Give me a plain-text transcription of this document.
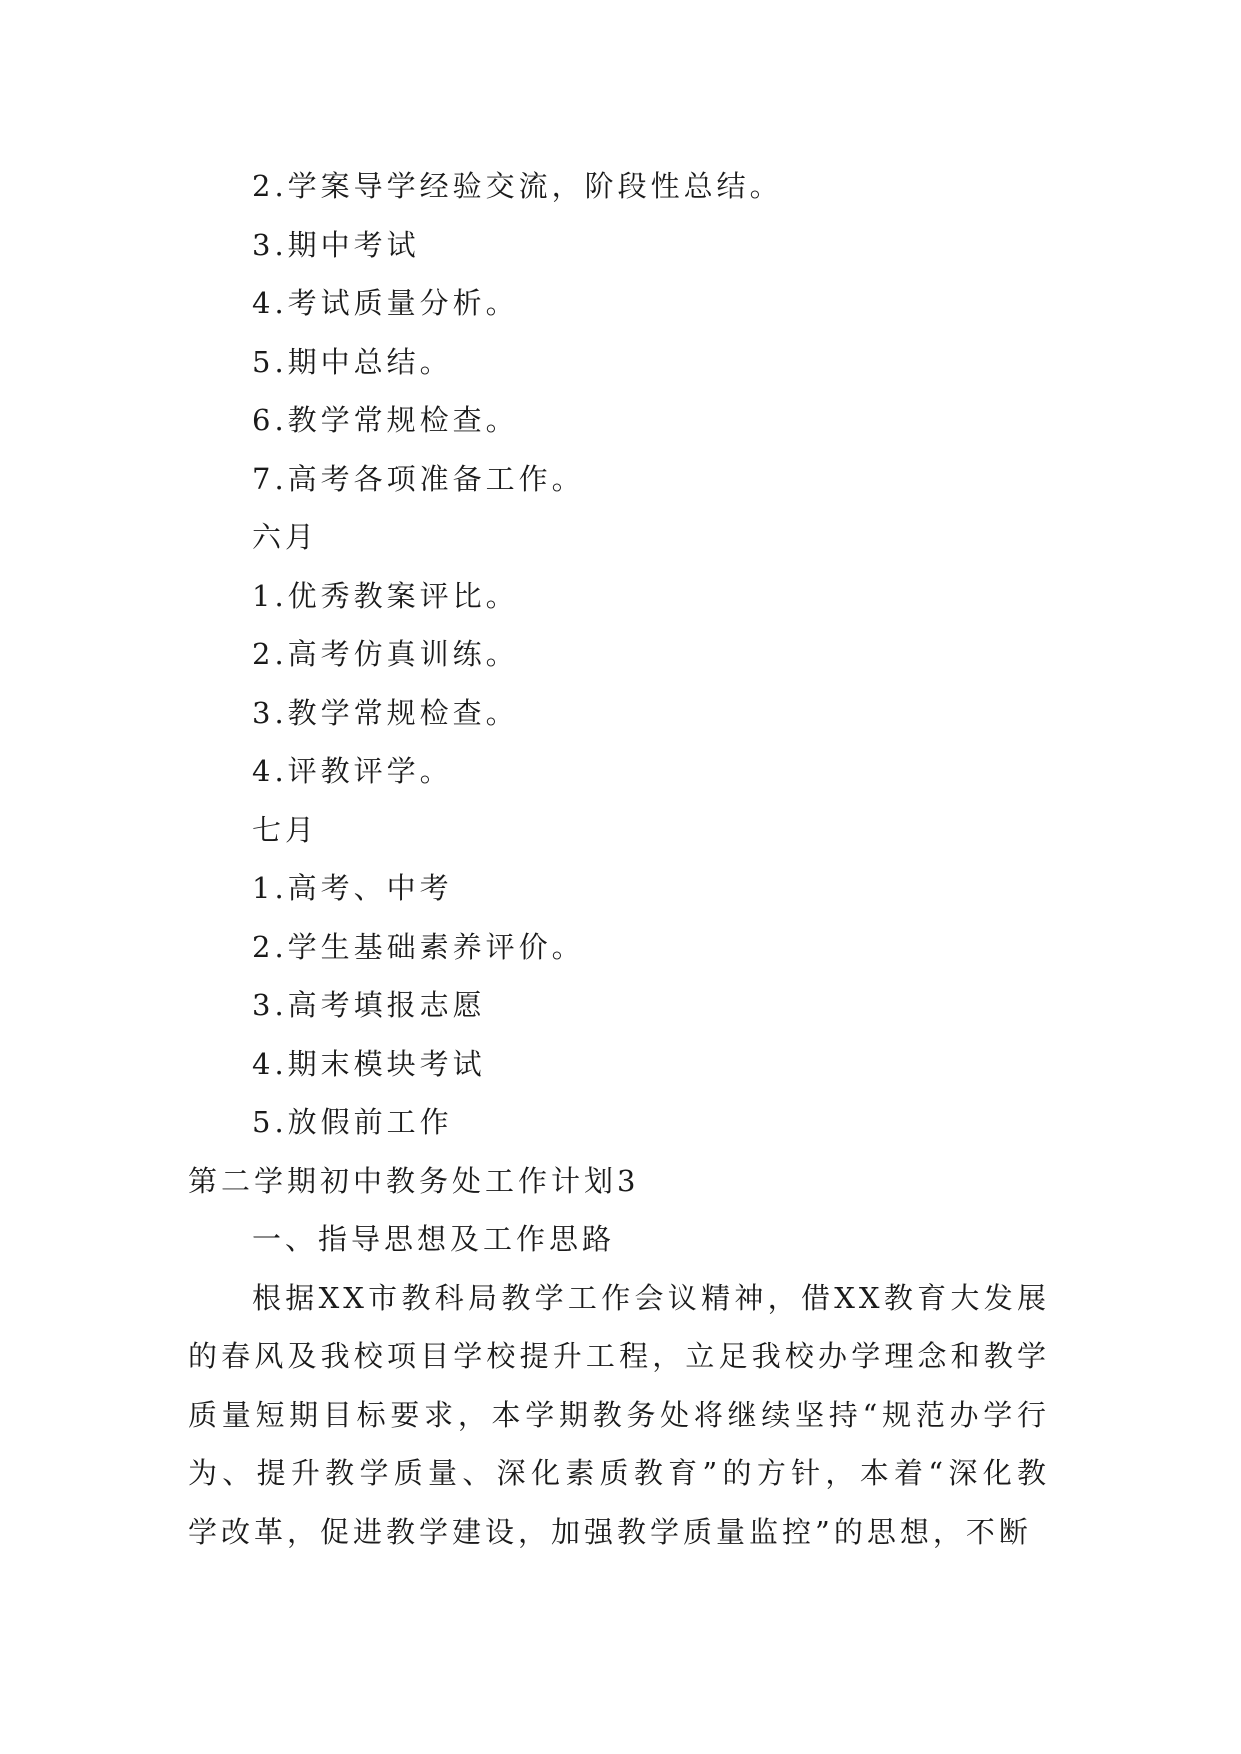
2.学案导学经验交流，阶段性总结。
3.期中考试
4.考试质量分析。
5.期中总结。
6.教学常规检查。
7.高考各项准备工作。
六月
1.优秀教案评比。
2.高考仿真训练。
3.教学常规检查。
4.评教评学。
七月
1.高考、中考
2.学生基础素养评价。
3.高考填报志愿
4.期末模块考试
5.放假前工作
第二学期初中教务处工作计划3
一、指导思想及工作思路

根据XX市教科局教学工作会议精神，借XX教育大发展的春风及我校项目学校提升工程，立足我校办学理念和教学质量短期目标要求，本学期教务处将继续坚持“规范办学行为、提升教学质量、深化素质教育”的方针，本着“深化教学改革，促进教学建设，加强教学质量监控”的思想，不断
